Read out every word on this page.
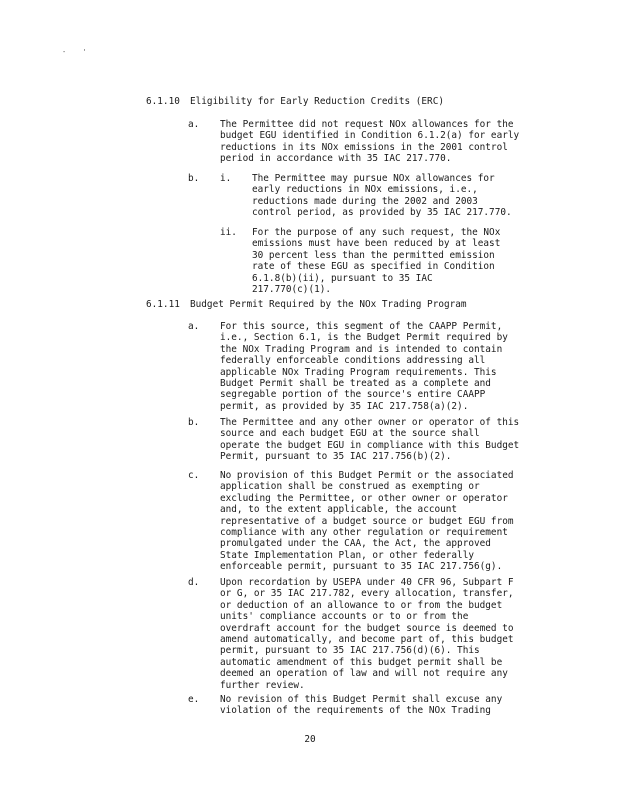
- '
6.1.10 Eligibility for Early Reduction Credits (ERC)
a.	The Permittee did not request NOx allowances for the
budget EGU identified in Condition 6.1.2(a) for early
reductions in its NOx emissions in the 2001 control
period in accordance with 35 IAC 217.770.
b.	i.	The Permittee may pursue NOx allowances for
early reductions in NOx emissions, i.e.,
reductions made during the 2002 and 2003
control period, as provided by 35 IAC 217.770.
ii.	For the purpose of any such request, the NOx
emissions must have been reduced by at least
30 percent less than the permitted emission
rate of these EGU as specified in Condition
6.1.8(b)(ii), pursuant to 35 IAC
217.770(c)(1).
6.1.11 Budget Permit Required by the NOx Trading Program
a.	For this source, this segment of the CAAPP Permit,
i.e., Section 6.1, is the Budget Permit required by
the NOx Trading Program and is intended to contain
federally enforceable conditions addressing all
applicable NOx Trading Program requirements. This
Budget Permit shall be treated as a complete and
segregable portion of the source's entire CAAPP
permit, as provided by 35 IAC 217.758(a)(2).
b.	The Permittee and any other owner or operator of this
source and each budget EGU at the source shall
operate the budget EGU in compliance with this Budget
Permit, pursuant to 35 IAC 217.756(b)(2).
c.	No provision of this Budget Permit or the associated
application shall be construed as exempting or
excluding the Permittee, or other owner or operator
and, to the extent applicable, the account
representative of a budget source or budget EGU from
compliance with any other regulation or requirement
promulgated under the CAA, the Act, the approved
State Implementation Plan, or other federally
enforceable permit, pursuant to 35 IAC 217.756(g).
d.	Upon recordation by USEPA under 40 CFR 96, Subpart F
or G, or 35 IAC 217.782, every allocation, transfer,
or deduction of an allowance to or from the budget
units' compliance accounts or to or from the
overdraft account for the budget source is deemed to
amend automatically, and become part of, this budget
permit, pursuant to 35 IAC 217.756(d)(6). This
automatic amendment of this budget permit shall be
deemed an operation of law and will not require any
further review.
e.	No revision of this Budget Permit shall excuse any
violation of the requirements of the NOx Trading
20
